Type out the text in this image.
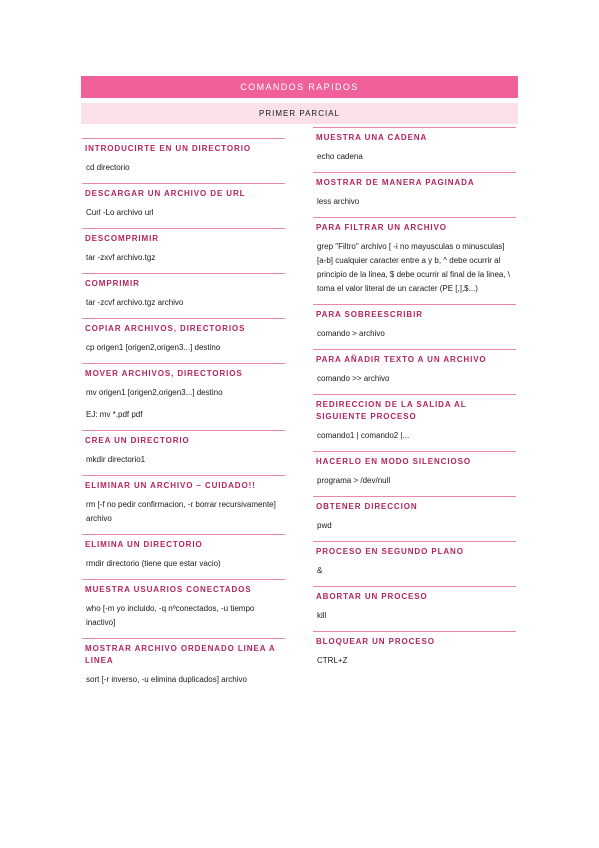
COMANDOS RAPIDOS
PRIMER PARCIAL
INTRODUCIRTE EN UN DIRECTORIO
cd directorio
DESCARGAR UN ARCHIVO DE URL
Curl -Lo archivo url
DESCOMPRIMIR
tar -zxvf archivo.tgz
COMPRIMIR
tar -zcvf archivo.tgz archivo
COPIAR ARCHIVOS, DIRECTORIOS
cp origen1 [origen2,origen3...] destino
MOVER ARCHIVOS, DIRECTORIOS
mv origen1 [origen2,origen3...] destino
EJ: mv *.pdf pdf
CREA UN DIRECTORIO
mkdir directorio1
ELIMINAR UN ARCHIVO – CUIDADO!!
rm [-f no pedir confirmacion, -r borrar recursivamente] archivo
ELIMINA UN DIRECTORIO
rmdir directorio (tiene que estar vacio)
MUESTRA USUARIOS CONECTADOS
who [-m yo incluido, -q nºconectados, -u tiempo inactivo]
MOSTRAR ARCHIVO ORDENADO LINEA A LINEA
sort [-r inverso, -u elimina duplicados] archivo
MUESTRA UNA CADENA
echo cadena
MOSTRAR DE MANERA PAGINADA
less archivo
PARA FILTRAR UN ARCHIVO
grep "Filtro" archivo [ -i no mayusculas o minusculas] [a-b] cualquier caracter entre a y b, ^ debe ocurrir al principio de la linea, $ debe ocurrir al final de la linea, \ toma el valor literal de un caracter (PE [,],$...)
PARA SOBREESCRIBIR
comando > archivo
PARA AÑADIR TEXTO A UN ARCHIVO
comando >> archivo
REDIRECCION DE LA SALIDA AL SIGUIENTE PROCESO
comando1 | comando2 |...
HACERLO EN MODO SILENCIOSO
programa > /dev/null
OBTENER DIRECCION
pwd
PROCESO EN SEGUNDO PLANO
&
ABORTAR UN PROCESO
kill
BLOQUEAR UN PROCESO
CTRL+Z
